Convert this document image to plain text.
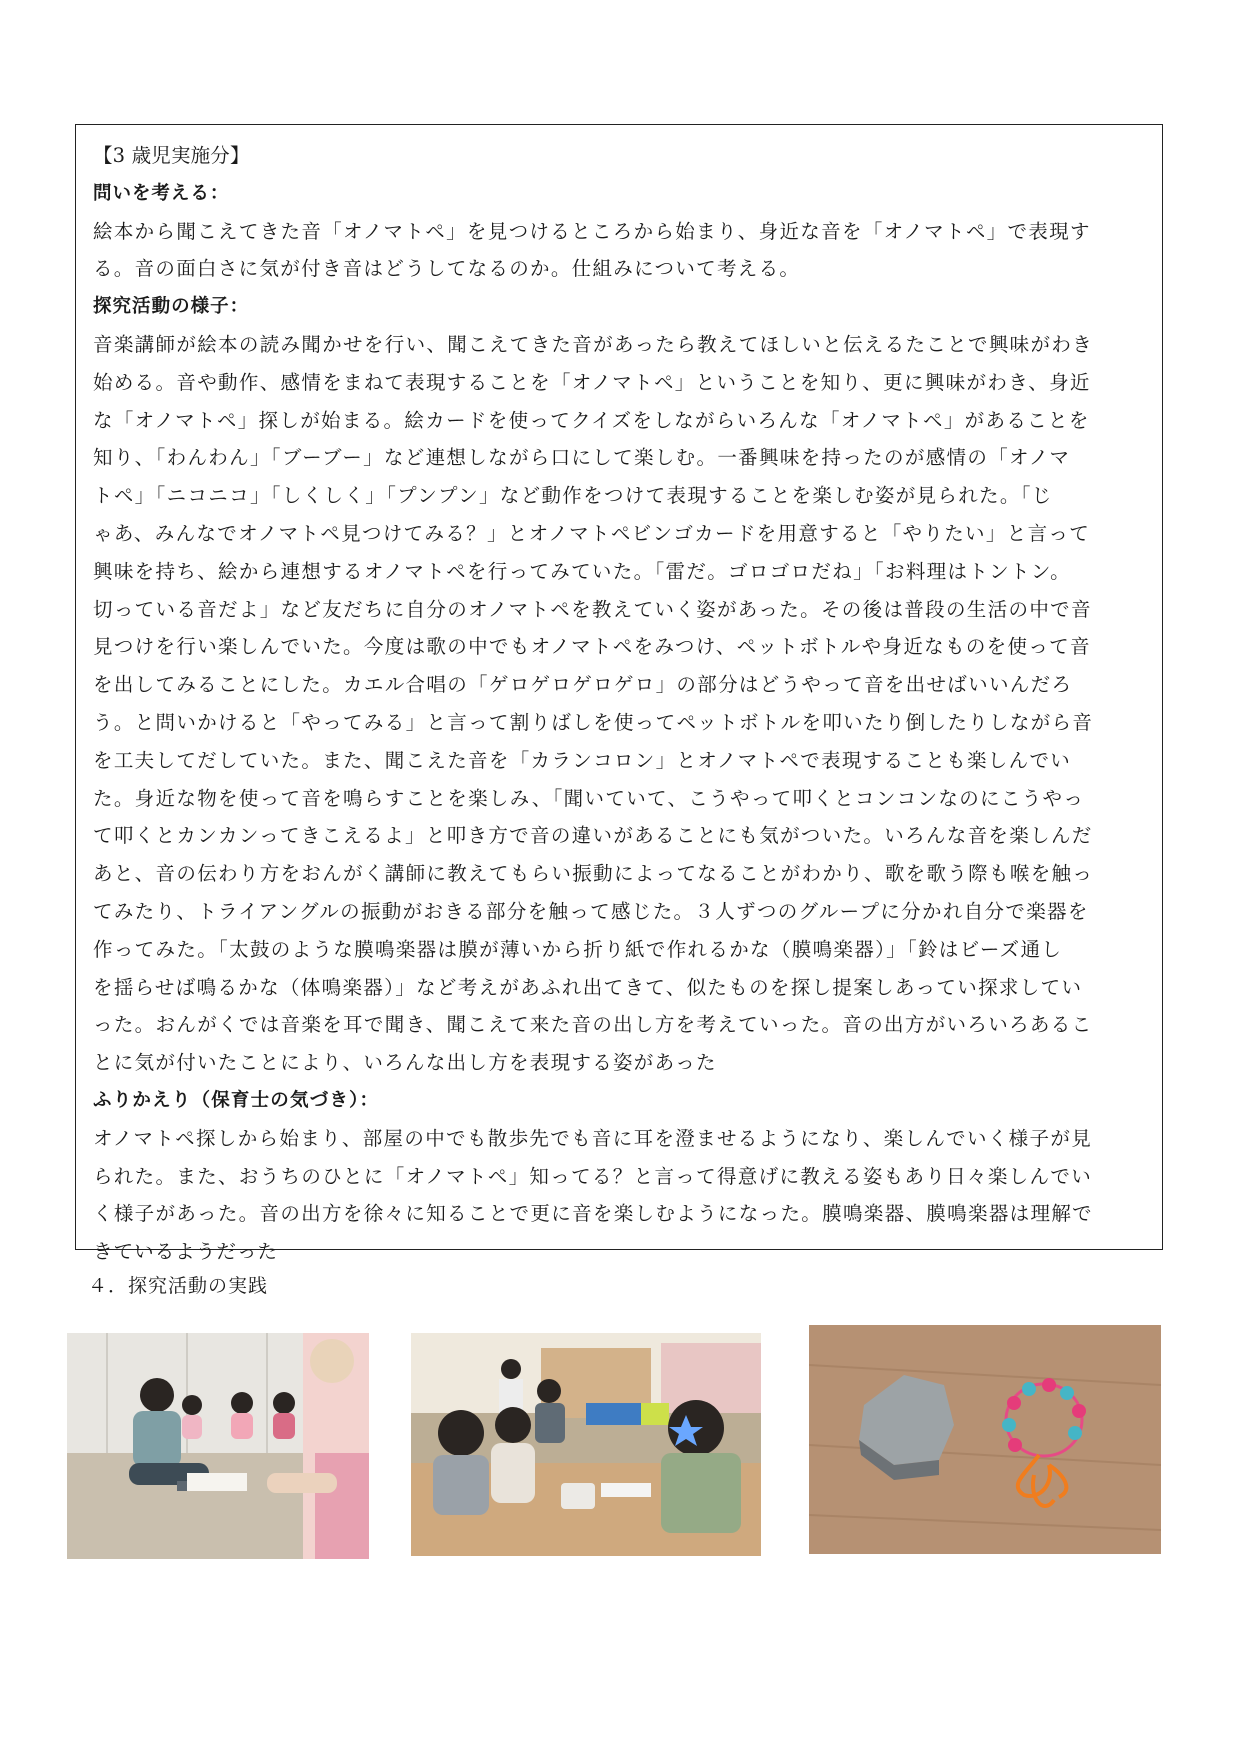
【3 歳児実施分】

問いを考える：

絵本から聞こえてきた音「オノマトペ」を見つけるところから始まり、身近な音を「オノマトペ」で表現す

る。音の面白さに気が付き音はどうしてなるのか。仕組みについて考える。

探究活動の様子：

音楽講師が絵本の読み聞かせを行い、聞こえてきた音があったら教えてほしいと伝えるたことで興味がわき

始める。音や動作、感情をまねて表現することを「オノマトペ」ということを知り、更に興味がわき、身近

な「オノマトペ」探しが始まる。絵カードを使ってクイズをしながらいろんな「オノマトペ」があることを

知り、「わんわん」「ブーブー」など連想しながら口にして楽しむ。一番興味を持ったのが感情の「オノマ

トペ」「ニコニコ」「しくしく」「プンプン」など動作をつけて表現することを楽しむ姿が見られた。「じ

ゃあ、みんなでオノマトペ見つけてみる？」とオノマトペビンゴカードを用意すると「やりたい」と言って

興味を持ち、絵から連想するオノマトペを行ってみていた。「雷だ。ゴロゴロだね」「お料理はトントン。

切っている音だよ」など友だちに自分のオノマトペを教えていく姿があった。その後は普段の生活の中で音

見つけを行い楽しんでいた。今度は歌の中でもオノマトペをみつけ、ペットボトルや身近なものを使って音

を出してみることにした。カエル合唱の「ゲロゲロゲロゲロ」の部分はどうやって音を出せばいいんだろ

う。と問いかけると「やってみる」と言って割りばしを使ってペットボトルを叩いたり倒したりしながら音

を工夫してだしていた。また、聞こえた音を「カランコロン」とオノマトペで表現することも楽しんでい

た。身近な物を使って音を鳴らすことを楽しみ、「聞いていて、こうやって叩くとコンコンなのにこうやっ

て叩くとカンカンってきこえるよ」と叩き方で音の違いがあることにも気がついた。いろんな音を楽しんだ

あと、音の伝わり方をおんがく講師に教えてもらい振動によってなることがわかり、歌を歌う際も喉を触っ

てみたり、トライアングルの振動がおきる部分を触って感じた。３人ずつのグループに分かれ自分で楽器を

作ってみた。「太鼓のような膜鳴楽器は膜が薄いから折り紙で作れるかな（膜鳴楽器）」「鈴はビーズ通し

を揺らせば鳴るかな（体鳴楽器）」など考えがあふれ出てきて、似たものを探し提案しあってい探求してい

った。おんがくでは音楽を耳で聞き、聞こえて来た音の出し方を考えていった。音の出方がいろいろあるこ

とに気が付いたことにより、いろんな出し方を表現する姿があった

ふりかえり（保育士の気づき）：

オノマトペ探しから始まり、部屋の中でも散歩先でも音に耳を澄ませるようになり、楽しんでいく様子が見

られた。また、おうちのひとに「オノマトペ」知ってる？と言って得意げに教える姿もあり日々楽しんでい

く様子があった。音の出方を徐々に知ることで更に音を楽しむようになった。膜鳴楽器、膜鳴楽器は理解で

きているようだった

４．探究活動の実践
